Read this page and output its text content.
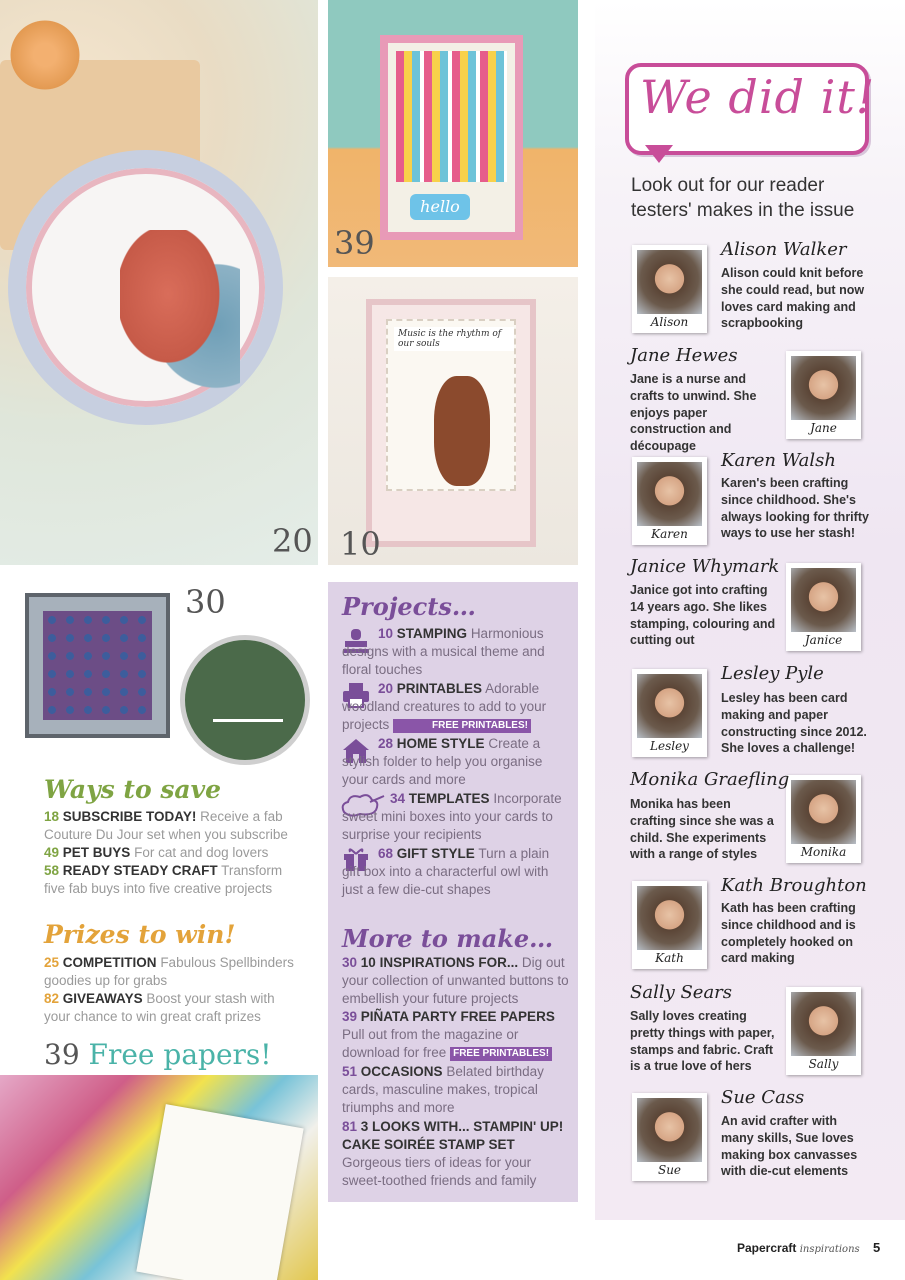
20
hello
39
Music is the rhythm of our souls
10
30
Ways to save
18 SUBSCRIBE TODAY! Receive a fab Couture Du Jour set when you subscribe
49 PET BUYS For cat and dog lovers
58 READY STEADY CRAFT Transform five fab buys into five creative projects
Prizes to win!
25 COMPETITION Fabulous Spellbinders goodies up for grabs
82 GIVEAWAYS Boost your stash with your chance to win great craft prizes
39 Free papers!
Projects…
10 STAMPING Harmonious designs with a musical theme and floral touches
20 PRINTABLES Adorable woodland creatures to add to your projects	FREE PRINTABLES!
28 HOME STYLE Create a stylish folder to help you organise your cards and more
34 TEMPLATES Incorporate sweet mini boxes into your cards to surprise your recipients
68 GIFT STYLE Turn a plain gift box into a characterful owl with just a few die-cut shapes
More to make…
30 10 INSPIRATIONS FOR... Dig out your collection of unwanted buttons to embellish your future projects
39 PIÑATA PARTY FREE PAPERS Pull out from the magazine or download for free FREE PRINTABLES!
51 OCCASIONS Belated birthday cards, masculine makes, tropical triumphs and more
81 3 LOOKS WITH... STAMPIN' UP! CAKE SOIRÉE STAMP SET Gorgeous tiers of ideas for your sweet-toothed friends and family
We did it!
Look out for our reader testers' makes in the issue
Alison
Alison Walker
Alison could knit before she could read, but now loves card making and scrapbooking
Jane
Jane Hewes
Jane is a nurse and crafts to unwind. She enjoys paper construction and découpage
Karen
Karen Walsh
Karen's been crafting since childhood. She's always looking for thrifty ways to use her stash!
Janice
Janice Whymark
Janice got into crafting 14 years ago. She likes stamping, colouring and cutting out
Lesley
Lesley Pyle
Lesley has been card making and paper constructing since 2012. She loves a challenge!
Monika
Monika Graefling
Monika has been crafting since she was a child. She experiments with a range of styles
Kath
Kath Broughton
Kath has been crafting since childhood and is completely hooked on card making
Sally
Sally Sears
Sally loves creating pretty things with paper, stamps and fabric. Craft is a true love of hers
Sue
Sue Cass
An avid crafter with many skills, Sue loves making box canvasses with die-cut elements
Papercraft inspirations 5
